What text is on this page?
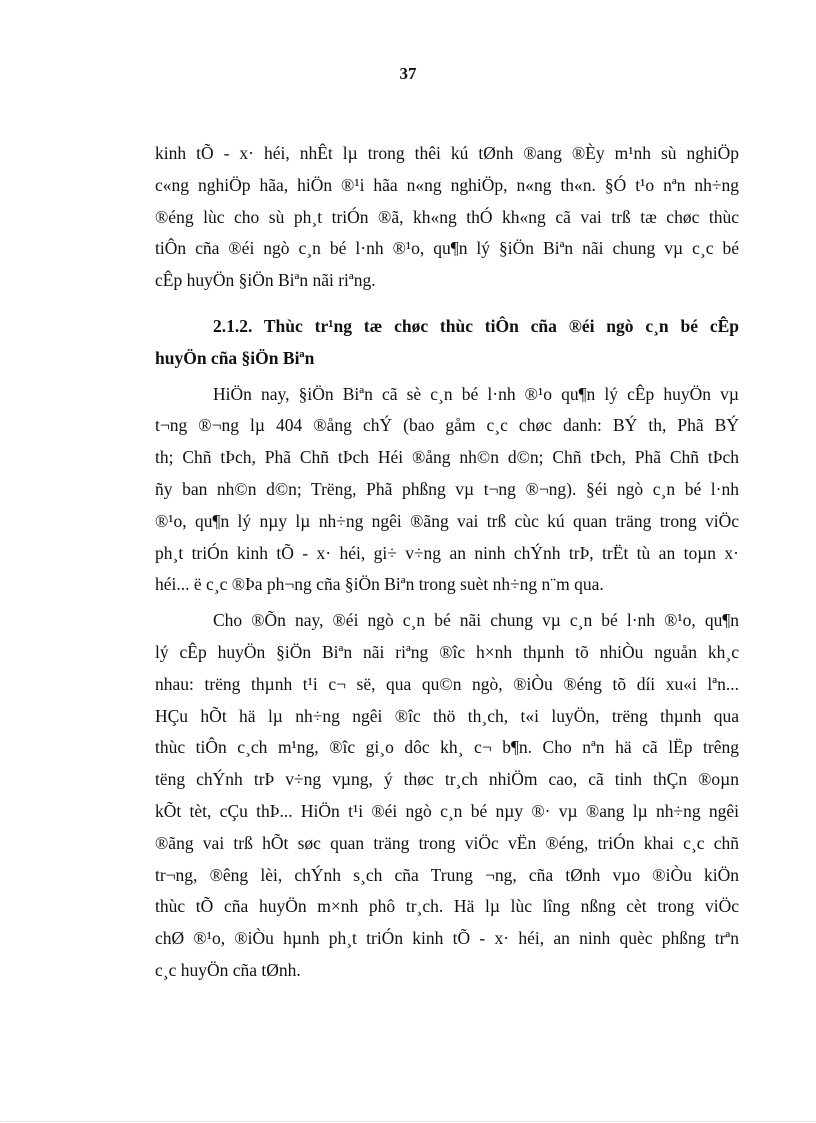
37
kinh tÕ - x· héi, nhÊt lµ trong thêi kú tØnh ®ang ®Èy m¹nh sù nghiÖp
c«ng nghiÖp hãa, hiÖn ®¹i hãa n«ng nghiÖp, n«ng th«n. §Ó t¹o nªn nh÷ng
®éng lùc cho sù ph¸t triÓn ®ã, kh«ng thÓ kh«ng cã vai trß tæ chøc thùc
tiÔn cña ®éi ngò c¸n bé l·nh ®¹o, qu¶n lý §iÖn Biªn nãi chung vµ c¸c bé
cÊp huyÖn §iÖn Biªn nãi riªng.
2.1.2. Thùc tr¹ng tæ chøc thùc tiÔn cña ®éi ngò c¸n bé cÊp
huyÖn cña §iÖn Biªn
HiÖn nay, §iÖn Biªn cã sè c¸n bé l·nh ®¹o qu¶n lý cÊp huyÖn vµ
t¬ng ®¬ng lµ 404 ®ång chÝ (bao gåm c¸c chøc danh: BÝ th, Phã BÝ
th; Chñ tÞch, Phã Chñ tÞch Héi ®ång nh©n d©n; Chñ tÞch, Phã Chñ tÞch
ñy ban nh©n d©n; Trëng, Phã phßng vµ t¬ng ®¬ng). §éi ngò c¸n bé l·nh
®¹o, qu¶n lý nµy lµ nh÷ng ngêi ®ãng vai trß cùc kú quan träng trong viÖc
ph¸t triÓn kinh tÕ - x· héi, gi÷ v÷ng an ninh chÝnh trÞ, trËt tù an toµn x·
héi... ë c¸c ®Þa ph¬ng cña §iÖn Biªn trong suèt nh÷ng n¨m qua.
Cho ®Õn nay, ®éi ngò c¸n bé nãi chung vµ c¸n bé l·nh ®¹o, qu¶n
lý cÊp huyÖn §iÖn Biªn nãi riªng ®îc h×nh thµnh tõ nhiÒu nguån kh¸c
nhau: trëng thµnh t¹i c¬ së, qua qu©n ngò, ®iÒu ®éng tõ díi xu«i lªn...
HÇu hÕt hä lµ nh÷ng ngêi ®îc thö th¸ch, t«i luyÖn, trëng thµnh qua
thùc tiÔn c¸ch m¹ng, ®îc gi¸o dôc kh¸ c¬ b¶n. Cho nªn hä cã lËp trêng
tëng chÝnh trÞ v÷ng vµng, ý thøc tr¸ch nhiÖm cao, cã tinh thÇn ®oµn
kÕt tèt, cÇu thÞ... HiÖn t¹i ®éi ngò c¸n bé nµy ®· vµ ®ang lµ nh÷ng ngêi
®ãng vai trß hÕt søc quan träng trong viÖc vËn ®éng, triÓn khai c¸c chñ
tr¬ng, ®êng lèi, chÝnh s¸ch cña Trung ¬ng, cña tØnh vµo ®iÒu kiÖn
thùc tÕ cña huyÖn m×nh phô tr¸ch. Hä lµ lùc lîng nßng cèt trong viÖc
chØ ®¹o, ®iÒu hµnh ph¸t triÓn kinh tÕ - x· héi, an ninh quèc phßng trªn
c¸c huyÖn cña tØnh.
